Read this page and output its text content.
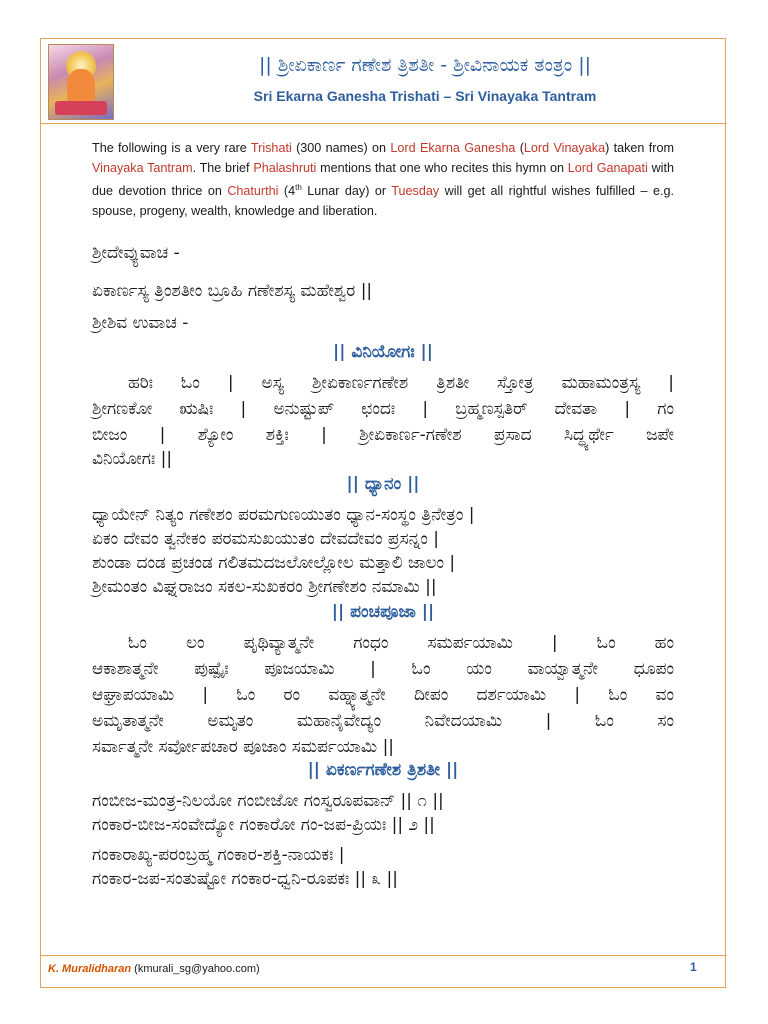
|| ಶ್ರೀಏಕಾರ್ಣ ಗಣೇಶ ತ್ರಿಶತೀ - ಶ್ರೀವಿನಾಯಕ ತಂತ್ರಂ ||
Sri Ekarna Ganesha Trishati – Sri Vinayaka Tantram
The following is a very rare Trishati (300 names) on Lord Ekarna Ganesha (Lord Vinayaka) taken from Vinayaka Tantram. The brief Phalashruti mentions that one who recites this hymn on Lord Ganapati with due devotion thrice on Chaturthi (4th Lunar day) or Tuesday will get all rightful wishes fulfilled – e.g. spouse, progeny, wealth, knowledge and liberation.
ಶ್ರೀದೇವ್ಯುವಾಚ -
ಏಕಾರ್ಣಸ್ಯ ತ್ರಿಂಶತೀಂ ಬ್ರೂಹಿ ಗಣೇಶಸ್ಯ ಮಹೇಶ್ವರ ||
ಶ್ರೀಶಿವ ಉವಾಚ -
|| ವಿನಿಯೋಗಃ ||
ಹರಿಃ ಓಂ | ಅಸ್ಯ ಶ್ರೀಏಕಾರ್ಣಗಣೇಶ ತ್ರಿಶತೀ ಸ್ತೋತ್ರ ಮಹಾಮಂತ್ರಸ್ಯ |
ಶ್ರೀಗಣಕೋ ಋಷಿಃ | ಅನುಷ್ಟುಪ್ ಛಂದಃ | ಬ್ರಹ್ಮಣಸ್ಪತಿರ್ ದೇವತಾ | ಗಂ
ಬೀಜಂ | ಶ್ಯೋಂ ಶಕ್ತಿಃ | ಶ್ರೀಏಕಾರ್ಣ-ಗಣೇಶ ಪ್ರಸಾದ ಸಿದ್ಧ್ಯರ್ಥೇ ಜಪೇ
ವಿನಿಯೋಗಃ ||
|| ಧ್ಯಾನಂ ||
ಧ್ಯಾಯೇನ್ ನಿತ್ಯಂ ಗಣೇಶಂ ಪರಮಗುಣಯುತಂ ಧ್ಯಾನ-ಸಂಸ್ಥಂ ತ್ರಿನೇತ್ರಂ |
ಏಕಂ ದೇವಂ ತ್ವನೇಕಂ ಪರಮಸುಖಯುತಂ ದೇವದೇವಂ ಪ್ರಸನ್ನಂ |
ಶುಂಡಾ ದಂಡ ಪ್ರಚಂಡ ಗಲಿತಮದಜಲೋಲ್ಲೋಲ ಮತ್ತಾಲಿ ಜಾಲಂ |
ಶ್ರೀಮಂತಂ ವಿಘ್ನರಾಜಂ ಸಕಲ-ಸುಖಕರಂ ಶ್ರೀಗಣೇಶಂ ನಮಾಮಿ ||
|| ಪಂಚಪೂಜಾ ||
ಓಂ ಲಂ ಪೃಥಿವ್ಯಾತ್ಮನೇ ಗಂಧಂ ಸಮರ್ಪಯಾಮಿ | ಓಂ ಹಂ
ಆಕಾಶಾತ್ಮನೇ ಪುಷ್ಪೈಃ ಪೂಜಯಾಮಿ | ಓಂ ಯಂ ವಾಯ್ವಾತ್ಮನೇ ಧೂಪಂ
ಆಘ್ರಾಪಯಾಮಿ | ಓಂ ರಂ ವಹ್ನ್ಯಾತ್ಮನೇ ದೀಪಂ ದರ್ಶಯಾಮಿ | ಓಂ ವಂ
ಅಮೃತಾತ್ಮನೇ ಅಮೃತಂ ಮಹಾನೈವೇದ್ಯಂ ನಿವೇದಯಾಮಿ | ಓಂ ಸಂ
ಸರ್ವಾತ್ಮನೇ ಸರ್ವೋಪಚಾರ ಪೂಜಾಂ ಸಮರ್ಪಯಾಮಿ ||
|| ಏಕರ್ಣಗಣೇಶ ತ್ರಿಶತೀ ||
ಗಂಬೀಜ-ಮಂತ್ರ-ನಿಲಯೋ ಗಂಬೀಜೋ ಗಂಸ್ವರೂಪವಾನ್ || ೧ ||
ಗಂಕಾರ-ಬೀಜ-ಸಂವೇದ್ಯೋ ಗಂಕಾರೋ ಗಂ-ಜಪ-ಪ್ರಿಯಃ || ೨ ||
ಗಂಕಾರಾಖ್ಯ-ಪರಂಬ್ರಹ್ಮ ಗಂಕಾರ-ಶಕ್ತಿ-ನಾಯಕಃ |
ಗಂಕಾರ-ಜಪ-ಸಂತುಷ್ಟೋ ಗಂಕಾರ-ಧ್ವನಿ-ರೂಪಕಃ || ೩ ||
K. Muralidharan (kmurali_sg@yahoo.com)	1
